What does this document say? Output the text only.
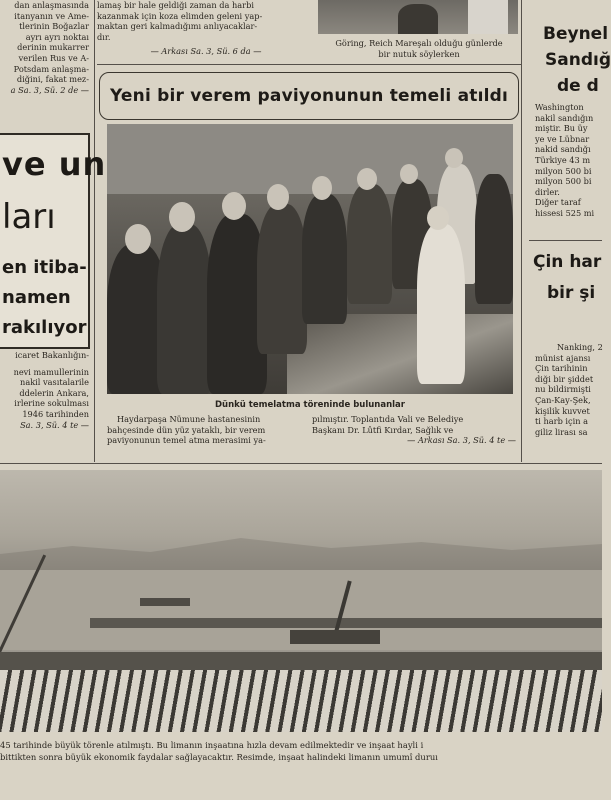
dan anlaşmasında
itanyanın ve Ame-
tlerinin Boğazlar
ayrı ayrı noktaı
derinin mukarrer
verilen Rus ve A-
Potsdam anlaşma-
diğini, fakat mez-
a Sa. 3, Sü. 2 de —
ve un
ları
en itiba-
namen
rakılıyor
icaret Bakanlığın-
nevi mamullerinin
nakil vasıtalarile
ddelerin Ankara,
irlerine sokulması
1946 tarihinden
Sa. 3, Sü. 4 te —
lamaş bir hale geldiği zaman da harbi
kazanmak için koza elimden geleni yap-
maktan geri kalmadığımı anlıyacaklar-
dır.
— Arkası Sa. 3, Sü. 6 da —
Göring, Reich Mareşalı olduğu günlerde
bir nutuk söylerken
Yeni bir verem paviyonunun temeli atıldı
Dünkü temelatma töreninde bulunanlar
Haydarpaşa Nümune hastanesinin
bahçesinde dün yüz yataklı, bir verem
paviyonunun temel atma merasimi ya-
pılmıştır. Toplantıda Vali ve Belediye
Başkanı Dr. Lûtfi Kırdar, Sağlık ve
— Arkası Sa. 3, Sü. 4 te —
Beynel
Sandığ
de d
Washington
nakil sandığın
miştir. Bu üy
ye ve Lübnar
nakid sandığı
Türkiye 43 m
milyon 500 bi
milyon 500 bi
dirler.
Diğer taraf
hissesi 525 mi
Çin har
bir şi
Nanking, 2
münist ajansı
Çin tarihinin
diği bir şiddet
nu bildirmişti
Çan-Kay-Şek,
kişilik kuvvet
ti harb için a
giliz lirası sa
45 tarihinde büyük törenle atılmıştı. Bu limanın inşaatına hızla devam edilmektedir ve inşaat hayli i
bittikten sonra büyük ekonomik faydalar sağlayacaktır. Resimde, inşaat halindeki limanın umumî duruı
